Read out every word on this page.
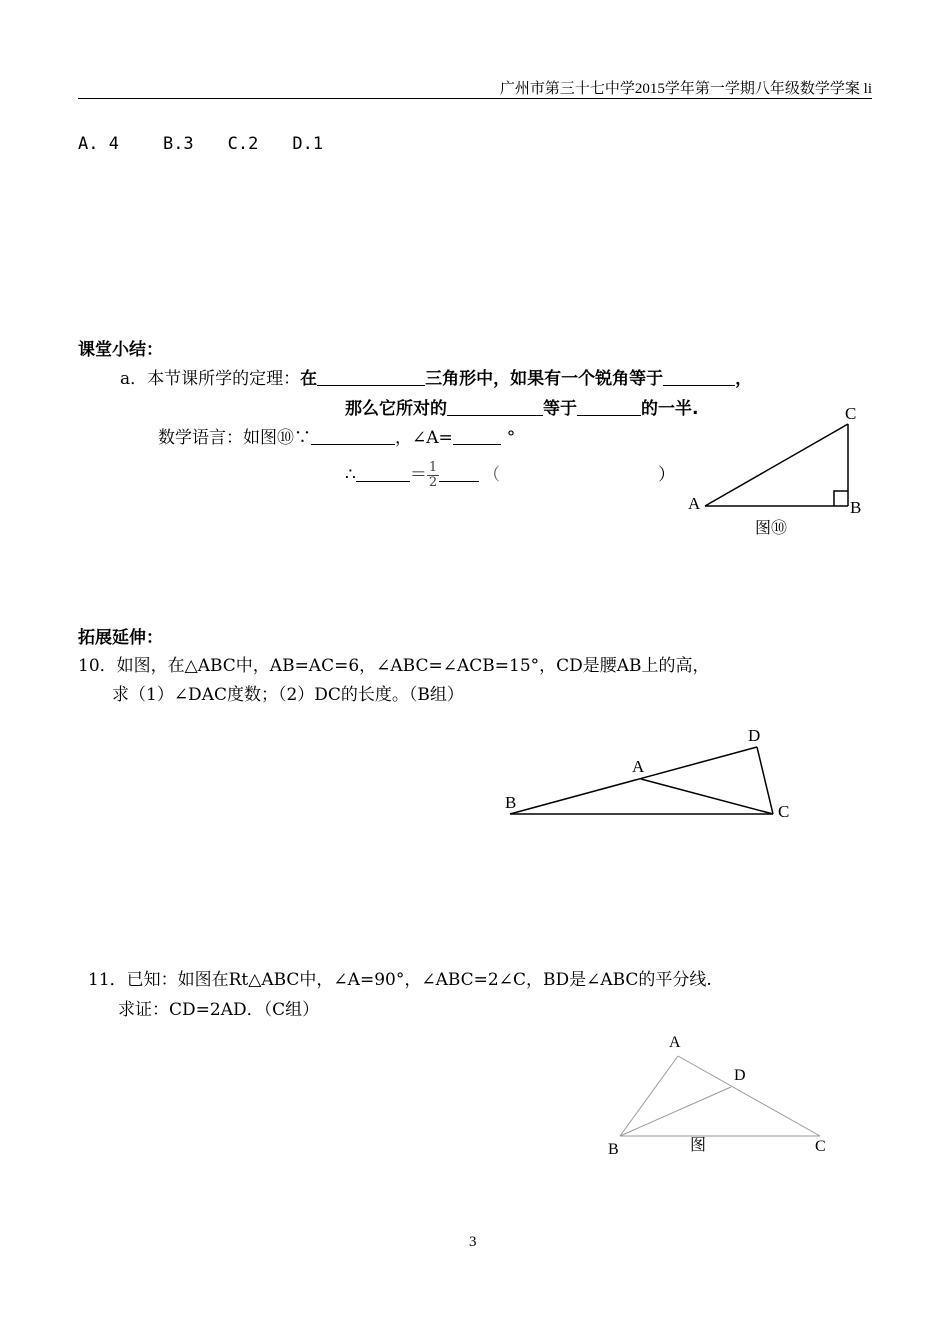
广州市第三十七中学2015学年第一学期八年级数学学案 li
A. 4	B.3 C.2 D.1
课堂小结：
a．本节课所学的定理：在	三角形中，如果有一个锐角等于	，
那么它所对的	等于	的一半.
数学语言：如图⑩∵	，∠A=	°
∴	＝ $\frac{1}{2}$	（	）
C
A	B
图⑩
拓展延伸：
10．如图，在△ABC中，AB=AC=6，∠ABC=∠ACB=15°，CD是腰AB上的高，
求（1）∠DAC度数；（2）DC的长度。（B组）
D
A
B	C
11．已知：如图在Rt△ABC中，∠A=90°，∠ABC=2∠C，BD是∠ABC的平分线.
求证：CD=2AD．（C组）
A
D
B	C
图
3
